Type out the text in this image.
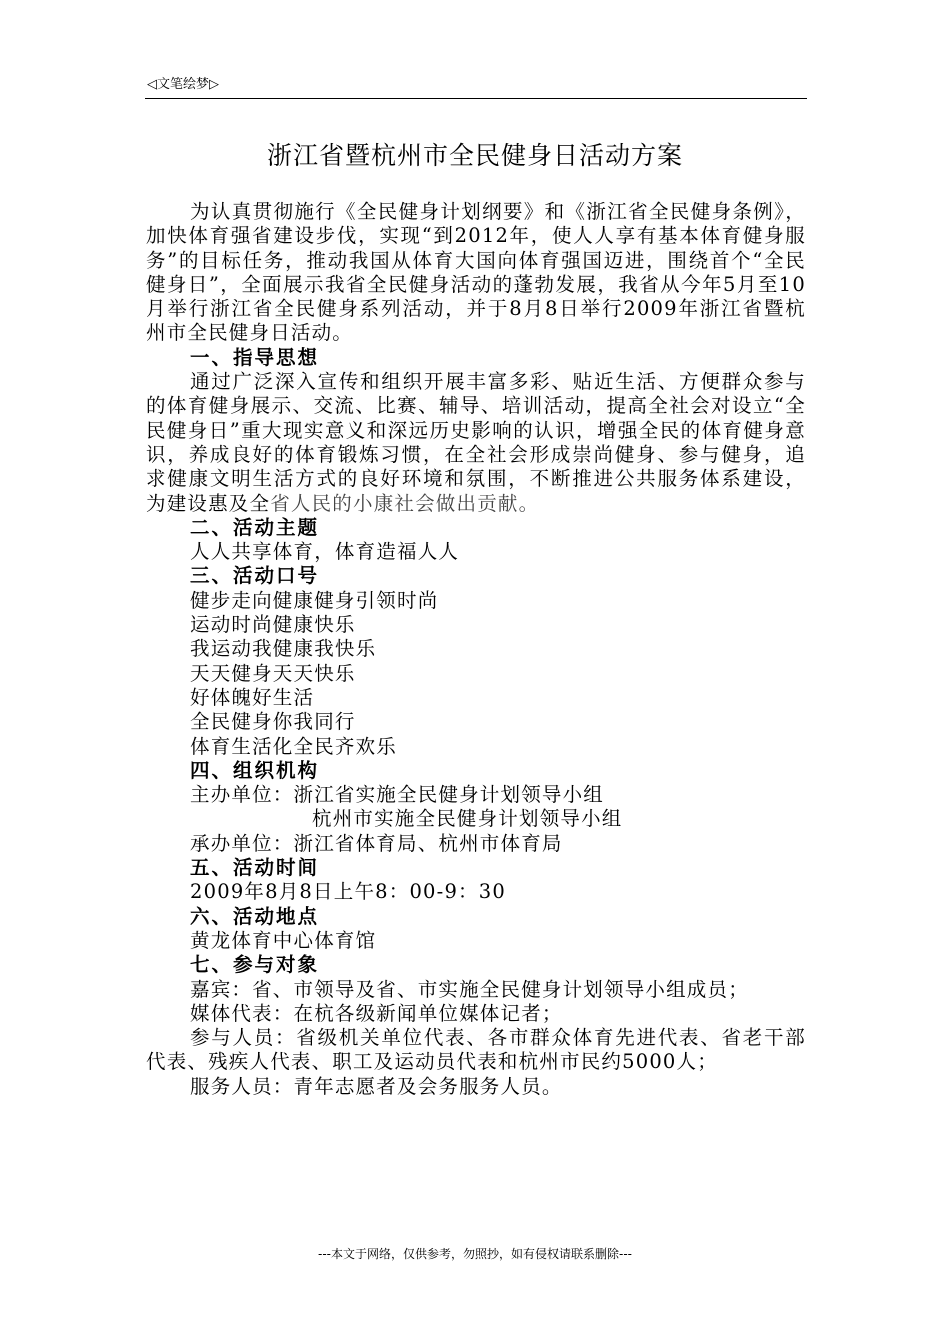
◁文笔绘梦▷
浙江省暨杭州市全民健身日活动方案
为认真贯彻施行《全民健身计划纲要》和《浙江省全民健身条例》，加快体育强省建设步伐，实现“到2012年，使人人享有基本体育健身服务”的目标任务，推动我国从体育大国向体育强国迈进，围绕首个“全民健身日”，全面展示我省全民健身活动的蓬勃发展，我省从今年5月至10月举行浙江省全民健身系列活动，并于8月8日举行2009年浙江省暨杭州市全民健身日活动。
一、指导思想
通过广泛深入宣传和组织开展丰富多彩、贴近生活、方便群众参与的体育健身展示、交流、比赛、辅导、培训活动，提高全社会对设立“全民健身日”重大现实意义和深远历史影响的认识，增强全民的体育健身意识，养成良好的体育锻炼习惯，在全社会形成崇尚健身、参与健身，追求健康文明生活方式的良好环境和氛围，不断推进公共服务体系建设，为建设惠及全省人民的小康社会做出贡献。
二、活动主题
人人共享体育，体育造福人人
三、活动口号
健步走向健康健身引领时尚
运动时尚健康快乐
我运动我健康我快乐
天天健身天天快乐
好体魄好生活
全民健身你我同行
体育生活化全民齐欢乐
四、组织机构
主办单位：浙江省实施全民健身计划领导小组
杭州市实施全民健身计划领导小组
承办单位：浙江省体育局、杭州市体育局
五、活动时间
2009年8月8日上午8：00-9：30
六、活动地点
黄龙体育中心体育馆
七、参与对象
嘉宾：省、市领导及省、市实施全民健身计划领导小组成员；
媒体代表：在杭各级新闻单位媒体记者；
参与人员：省级机关单位代表、各市群众体育先进代表、省老干部代表、残疾人代表、职工及运动员代表和杭州市民约5000人；
服务人员：青年志愿者及会务服务人员。
---本文于网络，仅供参考，勿照抄，如有侵权请联系删除---
